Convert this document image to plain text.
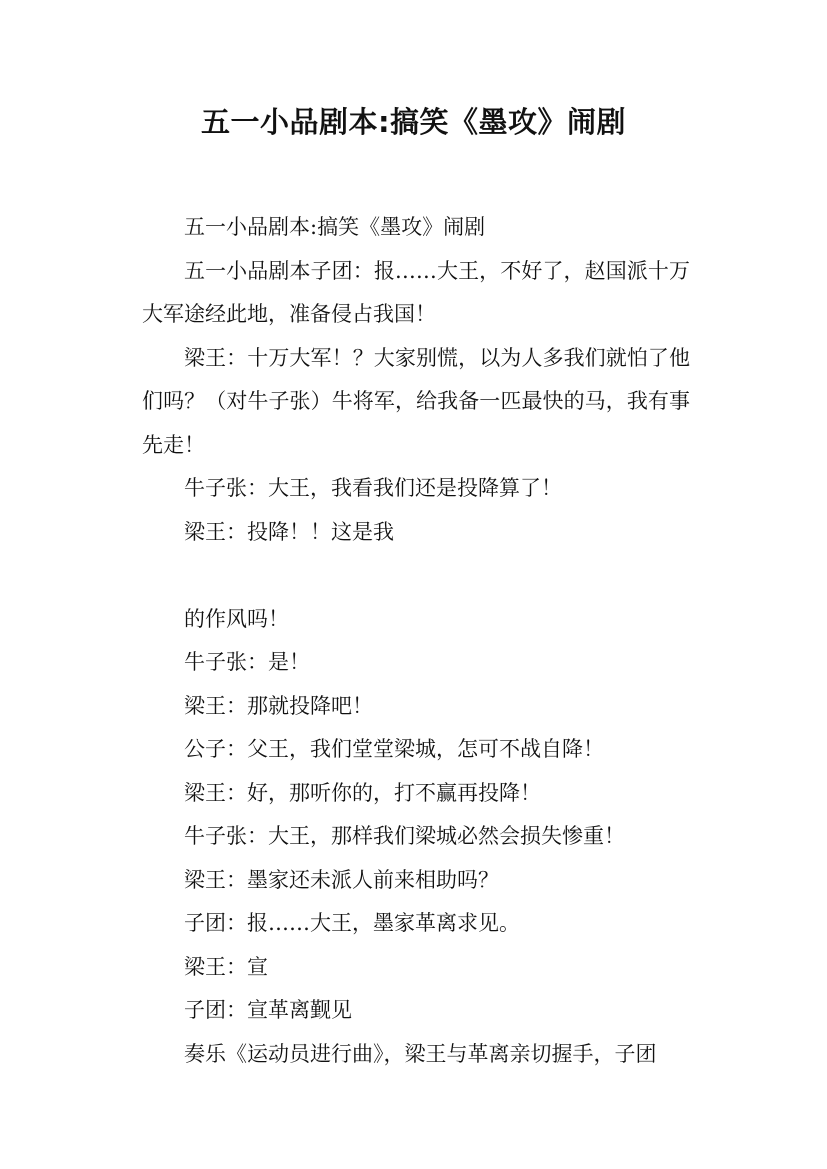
五一小品剧本:搞笑《墨攻》闹剧

五一小品剧本:搞笑《墨攻》闹剧

五一小品剧本子团：报……大王，不好了，赵国派十万大军途经此地，准备侵占我国！

梁王：十万大军！？大家别慌，以为人多我们就怕了他们吗？（对牛子张）牛将军，给我备一匹最快的马，我有事先走！

牛子张：大王，我看我们还是投降算了！

梁王：投降！！这是我

的作风吗！

牛子张：是！

梁王：那就投降吧！

公子：父王，我们堂堂梁城，怎可不战自降！

梁王：好，那听你的，打不赢再投降！

牛子张：大王，那样我们梁城必然会损失惨重！

梁王：墨家还未派人前来相助吗？

子团：报……大王，墨家革离求见。

梁王：宣

子团：宣革离觐见

奏乐《运动员进行曲》，梁王与革离亲切握手，子团
